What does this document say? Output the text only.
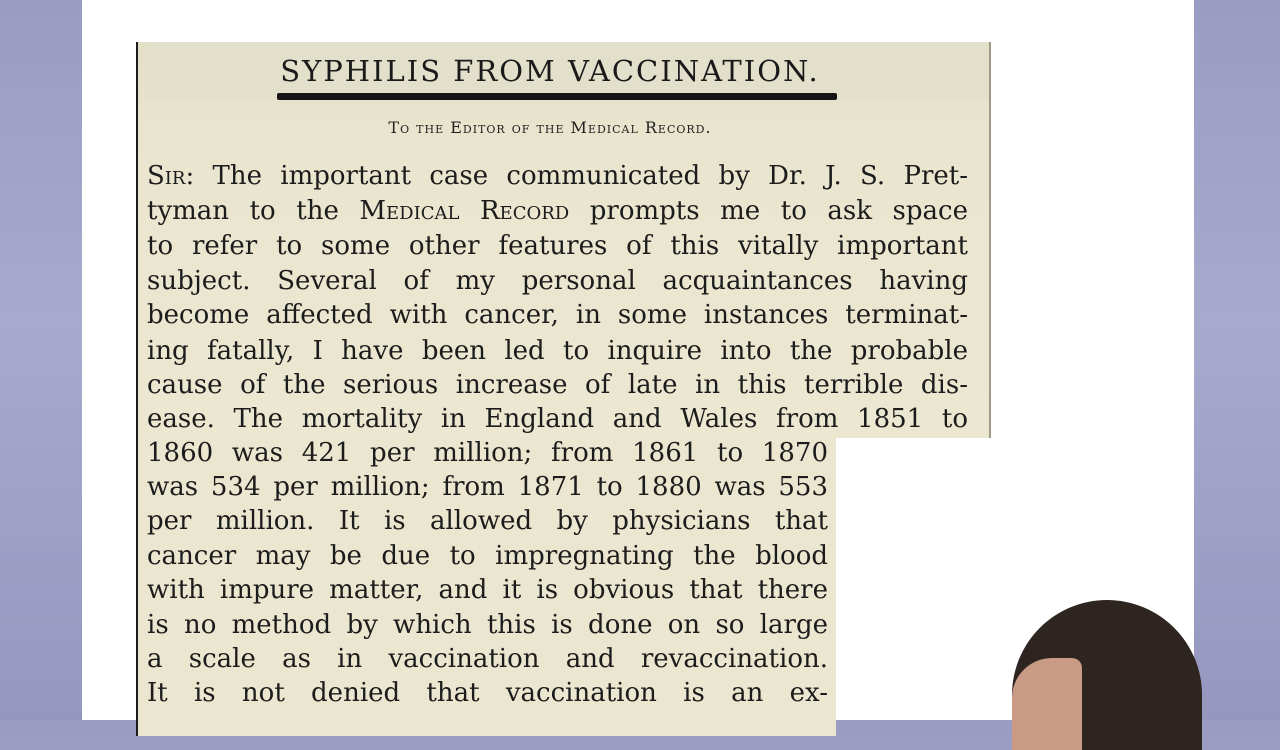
SYPHILIS FROM VACCINATION.
To the Editor of the Medical Record.
Sir: The important case communicated by Dr. J. S. Pret-
tyman to the Medical Record prompts me to ask space
to refer to some other features of this vitally important
subject. Several of my personal acquaintances having
become affected with cancer, in some instances terminat-
ing fatally, I have been led to inquire into the probable
cause of the serious increase of late in this terrible dis-
ease. The mortality in England and Wales from 1851 to
1860 was 421 per million; from 1861 to 1870
was 534 per million; from 1871 to 1880 was 553
per million. It is allowed by physicians that
cancer may be due to impregnating the blood
with impure matter, and it is obvious that there
is no method by which this is done on so large
a scale as in vaccination and revaccination.
It is not denied that vaccination is an ex-
